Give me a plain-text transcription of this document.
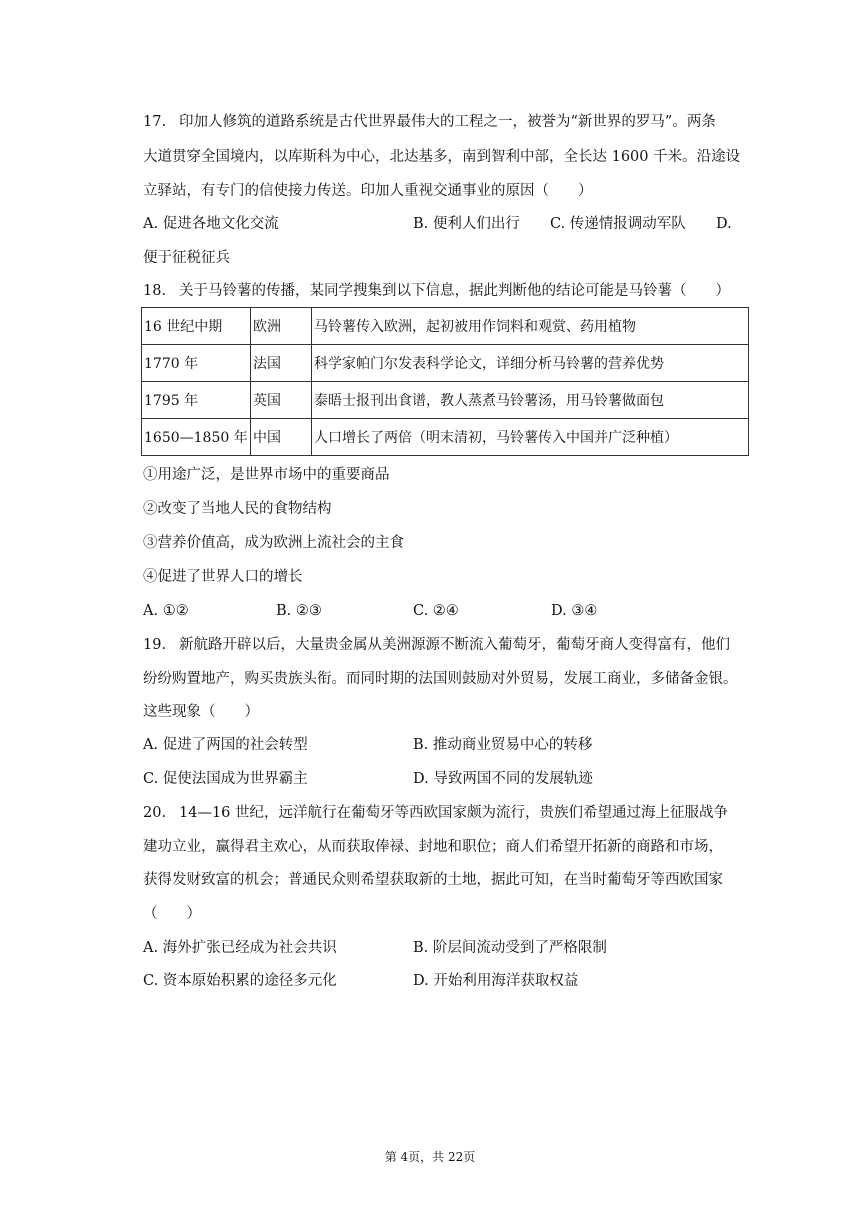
17. 印加人修筑的道路系统是古代世界最伟大的工程之一，被誉为“新世界的罗马”。两条
大道贯穿全国境内，以库斯科为中心，北达基多，南到智利中部，全长达 1600 千米。沿途设
立驿站，有专门的信使接力传送。印加人重视交通事业的原因（　　）
A. 促进各地文化交流	B. 便利人们出行 C. 传递情报调动军队 D.
便于征税征兵
18. 关于马铃薯的传播，某同学搜集到以下信息，据此判断他的结论可能是马铃薯（　　）
16 世纪中期	欧洲	马铃薯传入欧洲，起初被用作饲料和观赏、药用植物
1770 年	法国	科学家帕门尔发表科学论文，详细分析马铃薯的营养优势
1795 年	英国	泰晤士报刊出食谱，教人蒸煮马铃薯汤，用马铃薯做面包
1650—1850 年	中国	人口增长了两倍（明末清初，马铃薯传入中国并广泛种植）
①用途广泛，是世界市场中的重要商品
②改变了当地人民的食物结构
③营养价值高，成为欧洲上流社会的主食
④促进了世界人口的增长
A. ①②	B. ②③	C. ②④	D. ③④
19. 新航路开辟以后，大量贵金属从美洲源源不断流入葡萄牙，葡萄牙商人变得富有，他们
纷纷购置地产，购买贵族头衔。而同时期的法国则鼓励对外贸易，发展工商业，多储备金银。
这些现象（　　）
A. 促进了两国的社会转型	B. 推动商业贸易中心的转移
C. 促使法国成为世界霸主	D. 导致两国不同的发展轨迹
20. 14—16 世纪，远洋航行在葡萄牙等西欧国家颇为流行，贵族们希望通过海上征服战争
建功立业，赢得君主欢心，从而获取俸禄、封地和职位；商人们希望开拓新的商路和市场，
获得发财致富的机会；普通民众则希望获取新的土地，据此可知，在当时葡萄牙等西欧国家
（　　）
A. 海外扩张已经成为社会共识	B. 阶层间流动受到了严格限制
C. 资本原始积累的途径多元化	D. 开始利用海洋获取权益
第 4页，共 22页
